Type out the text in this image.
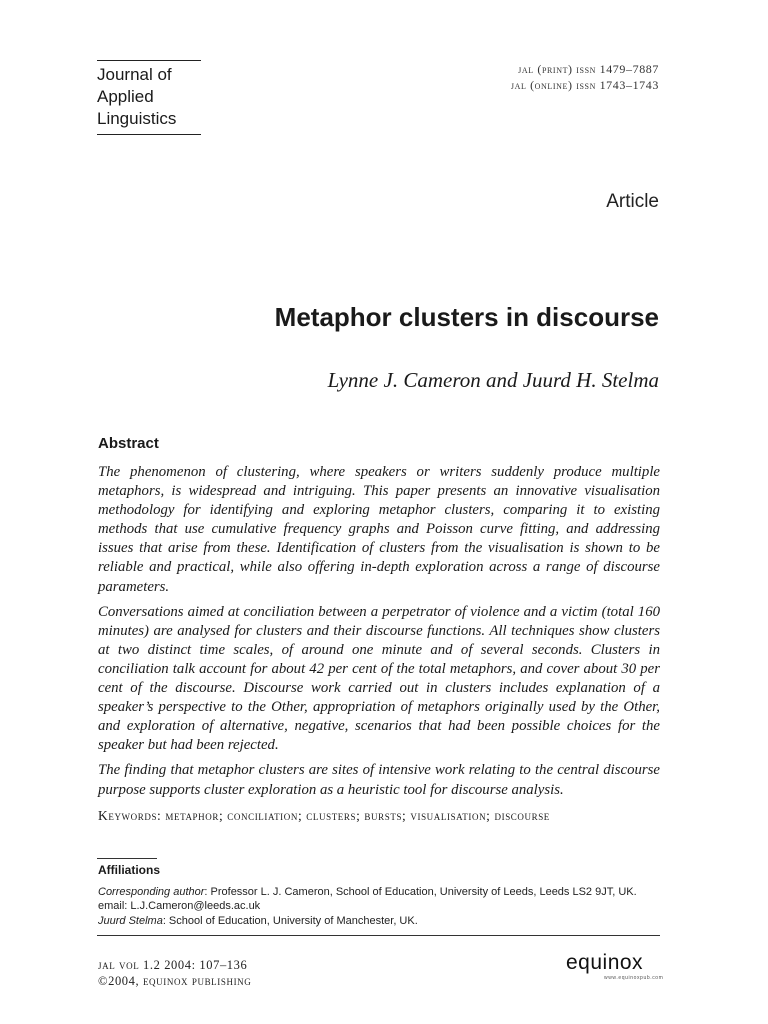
Journal of
Applied
Linguistics
jal (print) issn 1479–7887
jal (online) issn 1743–1743
Article
Metaphor clusters in discourse
Lynne J. Cameron and Juurd H. Stelma
Abstract

The phenomenon of clustering, where speakers or writers suddenly produce multiple metaphors, is widespread and intriguing. This paper presents an innovative visualisation methodology for identifying and exploring metaphor clusters, comparing it to existing methods that use cumulative frequency graphs and Poisson curve fitting, and addressing issues that arise from these. Identification of clusters from the visualisation is shown to be reliable and practical, while also offering in-depth exploration across a range of discourse parameters.

Conversations aimed at conciliation between a perpetrator of violence and a victim (total 160 minutes) are analysed for clusters and their discourse functions. All techniques show clusters at two distinct time scales, of around one minute and of several seconds. Clusters in conciliation talk account for about 42 per cent of the total metaphors, and cover about 30 per cent of the discourse. Discourse work carried out in clusters includes explanation of a speaker’s perspective to the Other, appropriation of metaphors originally used by the Other, and exploration of alternative, negative, scenarios that had been possible choices for the speaker but had been rejected.

The finding that metaphor clusters are sites of intensive work relating to the central discourse purpose supports cluster exploration as a heuristic tool for discourse analysis.

Keywords: metaphor; conciliation; clusters; bursts; visualisation; discourse
Affiliations
Corresponding author: Professor L. J. Cameron, School of Education, University of Leeds, Leeds LS2 9JT, UK.
email: L.J.Cameron@leeds.ac.uk
Juurd Stelma: School of Education, University of Manchester, UK.
jal vol 1.2 2004: 107–136
©2004, equinox publishing
equinox
www.equinoxpub.com
